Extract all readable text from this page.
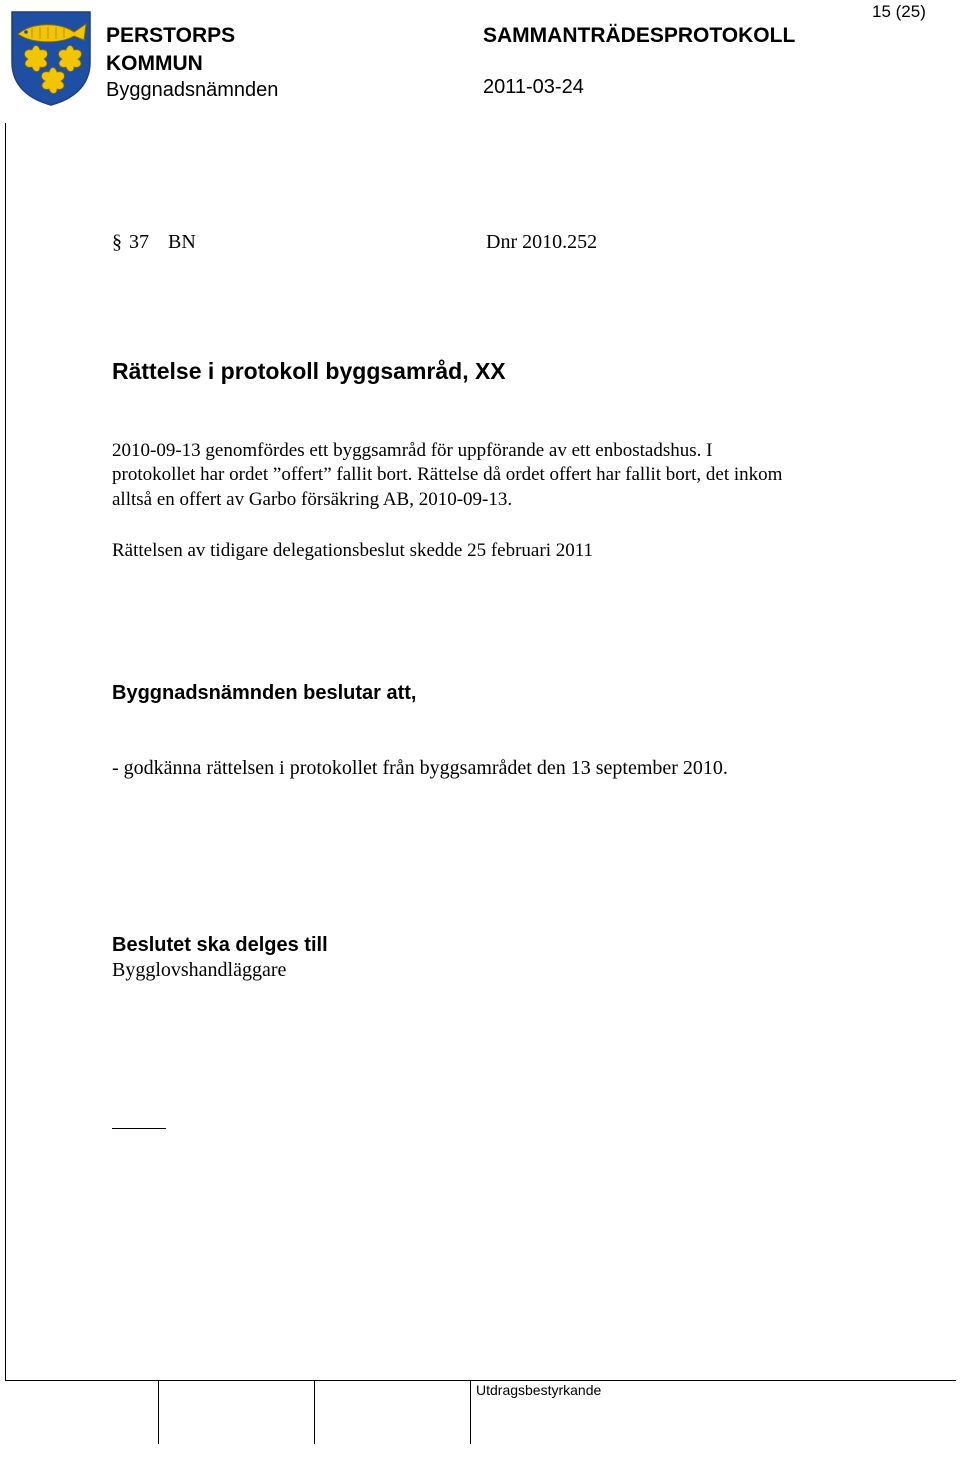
PERSTORPS
KOMMUN
Byggnadsnämnden
SAMMANTRÄDESPROTOKOLL
2011-03-24
15 (25)
§ 37 BN	Dnr 2010.252
Rättelse i protokoll byggsamråd, XX
2010-09-13 genomfördes ett byggsamråd för uppförande av ett enbostadshus. I
protokollet har ordet ”offert” fallit bort. Rättelse då ordet offert har fallit bort, det inkom
alltså en offert av Garbo försäkring AB, 2010-09-13.
Rättelsen av tidigare delegationsbeslut skedde 25 februari 2011
Byggnadsnämnden beslutar att,
- godkänna rättelsen i protokollet från byggsamrådet den 13 september 2010.
Beslutet ska delges till
Bygglovshandläggare
Utdragsbestyrkande
